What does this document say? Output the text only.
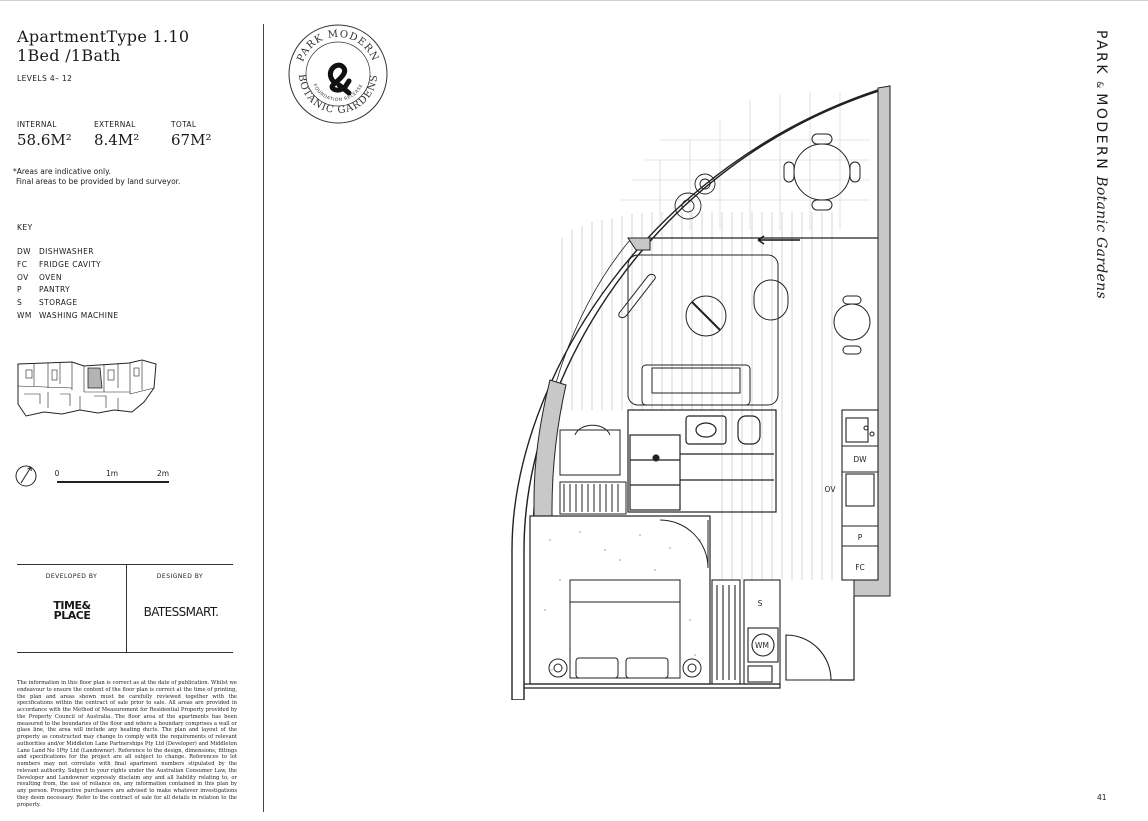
ApartmentType 1.10
1Bed /1Bath
LEVELS 4– 12
INTERNAL
58.6M²
EXTERNAL
8.4M²
TOTAL
67M²
*Areas are indicative only.
Final areas to be provided by land surveyor.
KEY
DW DISHWASHER
FC FRIDGE CAVITY
OV OVEN
P PANTRY
S STORAGE
WM WASHING MACHINE
0	1m	2m
DEVELOPED BY	DESIGNED BY
TIME&
PLACE	BATESSMART.
The information in this floor plan is correct as at the date of publication. Whilst we endeavour to ensure the content of the floor plan is correct at the time of printing, the plan and areas shown must be carefully reviewed together with the specifications within the contract of sale prior to sale. All areas are provided in accordance with the Method of Measurement for Residential Property provided by the Property Council of Australia. The floor area of the apartments has been measured to the boundaries of the floor and where a boundary comprises a wall or glass line, the area will include any heating ducts. The plan and layout of the property as constructed may change to comply with the requirements of relevant authorities and/or Middleton Lane Partnerships Pty Ltd (Developer) and Middleton Lane Land No 1Pty Ltd (Landowner). Reference to the design, dimensions, fittings and specifications for the project are all subject to change. References to lot numbers may not correlate with final apartment numbers stipulated by the relevant authority. Subject to your rights under the Australian Consumer Law, the Developer and Landowner expressly disclaim any and all liability relating to, or resulting from, the use of reliance on, any information contained in this plan by any person. Prospective purchasers are advised to make whatever investigations they deem necessary. Refer to the contract of sale for all details in relation to the property.
PARK MODERN
BOTANIC GARDENS
FOUNDATION RELEASE
S
WM
DW
OV
P
FC
PARK & MODERN Botanic Gardens
41
